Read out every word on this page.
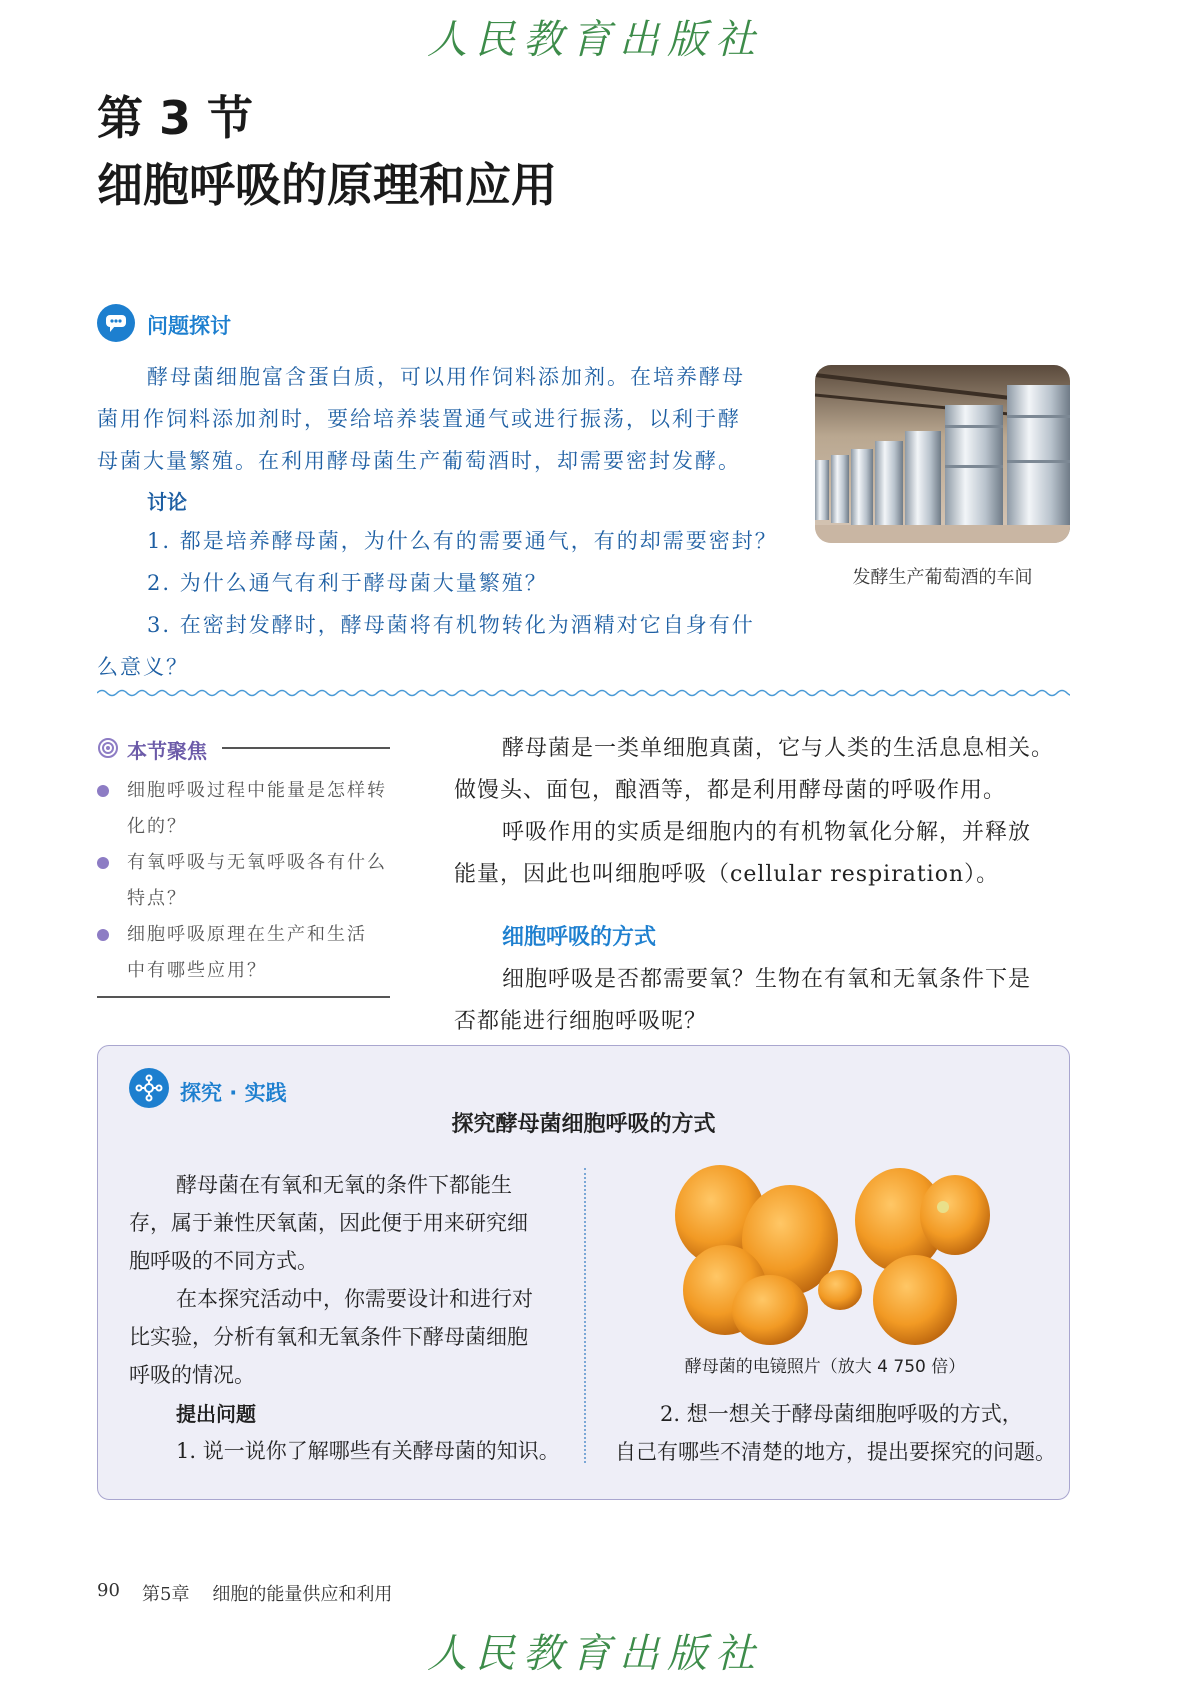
人民教育出版社
第 3 节
细胞呼吸的原理和应用
问题探讨
酵母菌细胞富含蛋白质，可以用作饲料添加剂。在培养酵母
菌用作饲料添加剂时，要给培养装置通气或进行振荡，以利于酵
母菌大量繁殖。在利用酵母菌生产葡萄酒时，却需要密封发酵。
讨论
1. 都是培养酵母菌，为什么有的需要通气，有的却需要密封？
2. 为什么通气有利于酵母菌大量繁殖？
3. 在密封发酵时，酵母菌将有机物转化为酒精对它自身有什
么意义？
发酵生产葡萄酒的车间
本节聚焦
细胞呼吸过程中能量是怎样转
化的？
有氧呼吸与无氧呼吸各有什么
特点？
细胞呼吸原理在生产和生活
中有哪些应用？
酵母菌是一类单细胞真菌，它与人类的生活息息相关。
做馒头、面包，酿酒等，都是利用酵母菌的呼吸作用。
呼吸作用的实质是细胞内的有机物氧化分解，并释放
能量，因此也叫细胞呼吸（cellular respiration）。
细胞呼吸的方式
细胞呼吸是否都需要氧？生物在有氧和无氧条件下是
否都能进行细胞呼吸呢？
探究 · 实践
探究酵母菌细胞呼吸的方式
酵母菌在有氧和无氧的条件下都能生
存，属于兼性厌氧菌，因此便于用来研究细
胞呼吸的不同方式。
在本探究活动中，你需要设计和进行对
比实验，分析有氧和无氧条件下酵母菌细胞
呼吸的情况。
提出问题
1. 说一说你了解哪些有关酵母菌的知识。
酵母菌的电镜照片（放大 4 750 倍）
2. 想一想关于酵母菌细胞呼吸的方式，
自己有哪些不清楚的地方，提出要探究的问题。
90 第5章    细胞的能量供应和利用
人民教育出版社
